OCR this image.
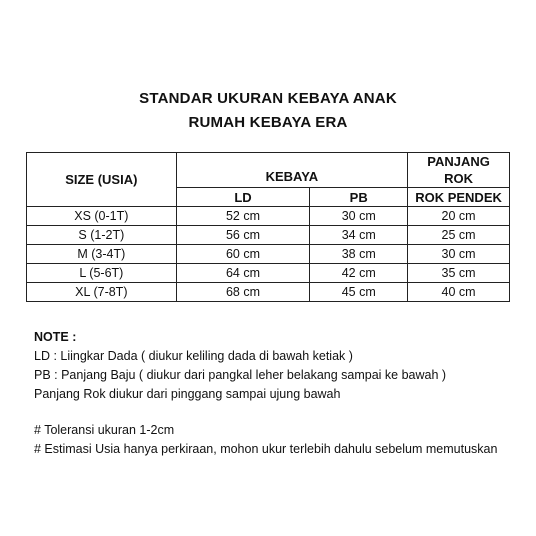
STANDAR UKURAN KEBAYA ANAK
RUMAH KEBAYA ERA
SIZE (USIA)	KEBAYA		PANJANG
ROK

	LD	PB	ROK PENDEK
XS (0-1T)	52 cm	30 cm	20 cm
S (1-2T)	56 cm	34 cm	25 cm
M (3-4T)	60 cm	38 cm	30 cm
L (5-6T)	64 cm	42 cm	35 cm
XL (7-8T)	68 cm	45 cm	40 cm
NOTE :
LD : Liingkar Dada ( diukur keliling dada di bawah ketiak )
PB : Panjang Baju ( diukur dari pangkal leher belakang sampai ke bawah )
Panjang Rok diukur dari pinggang sampai ujung bawah
# Toleransi ukuran 1-2cm
# Estimasi Usia hanya perkiraan, mohon ukur terlebih dahulu sebelum memutuskan
